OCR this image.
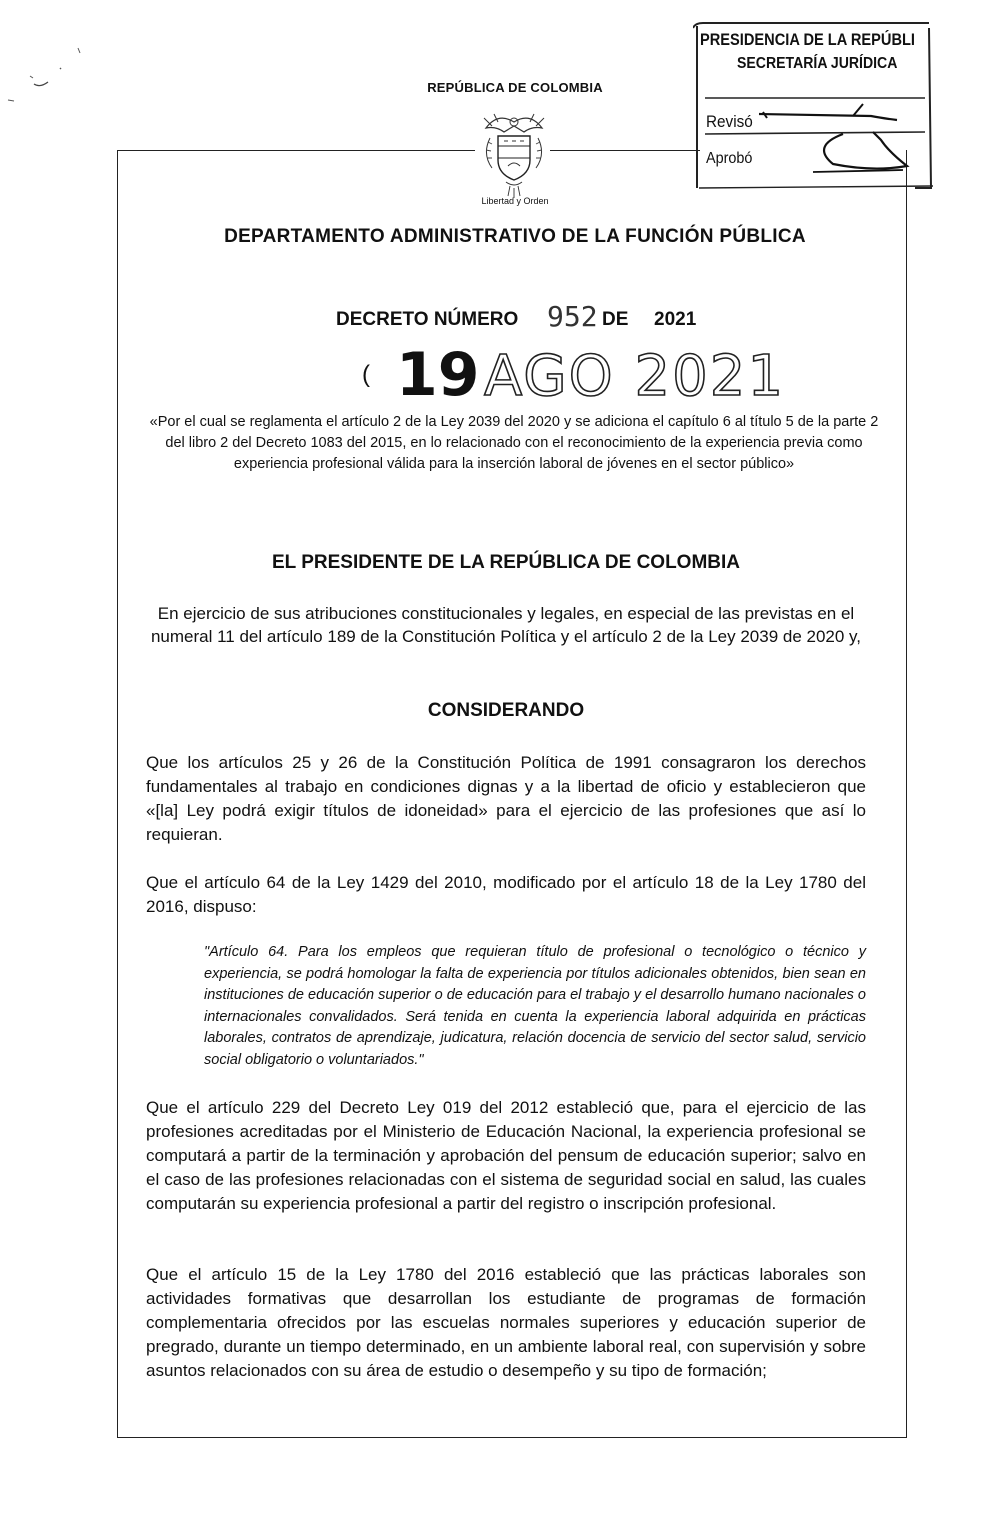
REPÚBLICA DE COLOMBIA
Libertad y Orden
DEPARTAMENTO ADMINISTRATIVO DE LA FUNCIÓN PÚBLICA
PRESIDENCIA DE LA REPÚBLI
SECRETARÍA JURÍDICA
Revisó
Aprobó
DECRETO NÚMERO 952 DE 2021
( 19 AGO 2021
«Por el cual se reglamenta el artículo 2 de la Ley 2039 del 2020 y se adiciona el capítulo 6 al título 5 de la parte 2 del libro 2 del Decreto 1083 del 2015, en lo relacionado con el reconocimiento de la experiencia previa como experiencia profesional válida para la inserción laboral de jóvenes en el sector público»
EL PRESIDENTE DE LA REPÚBLICA DE COLOMBIA
En ejercicio de sus atribuciones constitucionales y legales, en especial de las previstas en el numeral 11 del artículo 189 de la Constitución Política y el artículo 2 de la Ley 2039 de 2020 y,
CONSIDERANDO
Que los artículos 25 y 26 de la Constitución Política de 1991 consagraron los derechos fundamentales al trabajo en condiciones dignas y a la libertad de oficio y establecieron que «[la] Ley podrá exigir títulos de idoneidad» para el ejercicio de las profesiones que así lo requieran.
Que el artículo 64 de la Ley 1429 del 2010, modificado por el artículo 18 de la Ley 1780 del 2016, dispuso:
"Artículo 64. Para los empleos que requieran título de profesional o tecnológico o técnico y experiencia, se podrá homologar la falta de experiencia por títulos adicionales obtenidos, bien sean en instituciones de educación superior o de educación para el trabajo y el desarrollo humano nacionales o internacionales convalidados. Será tenida en cuenta la experiencia laboral adquirida en prácticas laborales, contratos de aprendizaje, judicatura, relación docencia de servicio del sector salud, servicio social obligatorio o voluntariados."
Que el artículo 229 del Decreto Ley 019 del 2012 estableció que, para el ejercicio de las profesiones acreditadas por el Ministerio de Educación Nacional, la experiencia profesional se computará a partir de la terminación y aprobación del pensum de educación superior; salvo en el caso de las profesiones relacionadas con el sistema de seguridad social en salud, las cuales computarán su experiencia profesional a partir del registro o inscripción profesional.
Que el artículo 15 de la Ley 1780 del 2016 estableció que las prácticas laborales son actividades formativas que desarrollan los estudiante de programas de formación complementaria ofrecidos por las escuelas normales superiores y educación superior de pregrado, durante un tiempo determinado, en un ambiente laboral real, con supervisión y sobre asuntos relacionados con su área de estudio o desempeño y su tipo de formación;
